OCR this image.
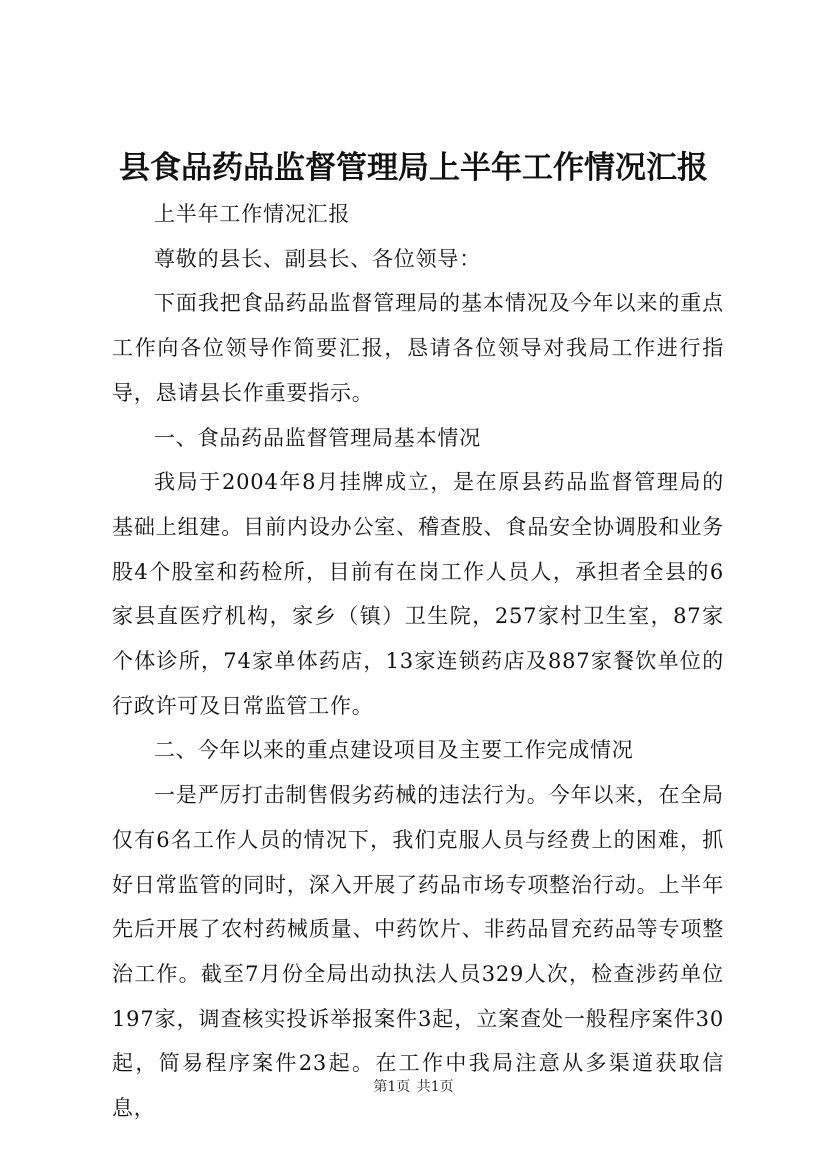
县食品药品监督管理局上半年工作情况汇报

上半年工作情况汇报

尊敬的县长、副县长、各位领导：

下面我把食品药品监督管理局的基本情况及今年以来的重点工作向各位领导作简要汇报，恳请各位领导对我局工作进行指导，恳请县长作重要指示。

一、食品药品监督管理局基本情况

我局于2004年8月挂牌成立，是在原县药品监督管理局的基础上组建。目前内设办公室、稽查股、食品安全协调股和业务股4个股室和药检所，目前有在岗工作人员人，承担者全县的6家县直医疗机构，家乡（镇）卫生院，257家村卫生室，87家个体诊所，74家单体药店，13家连锁药店及887家餐饮单位的行政许可及日常监管工作。

二、今年以来的重点建设项目及主要工作完成情况

一是严厉打击制售假劣药械的违法行为。今年以来，在全局仅有6名工作人员的情况下，我们克服人员与经费上的困难，抓好日常监管的同时，深入开展了药品市场专项整治行动。上半年先后开展了农村药械质量、中药饮片、非药品冒充药品等专项整治工作。截至7月份全局出动执法人员329人次，检查涉药单位197家，调查核实投诉举报案件3起，立案查处一般程序案件30起，简易程序案件23起。在工作中我局注意从多渠道获取信息，

第1页 共1页
